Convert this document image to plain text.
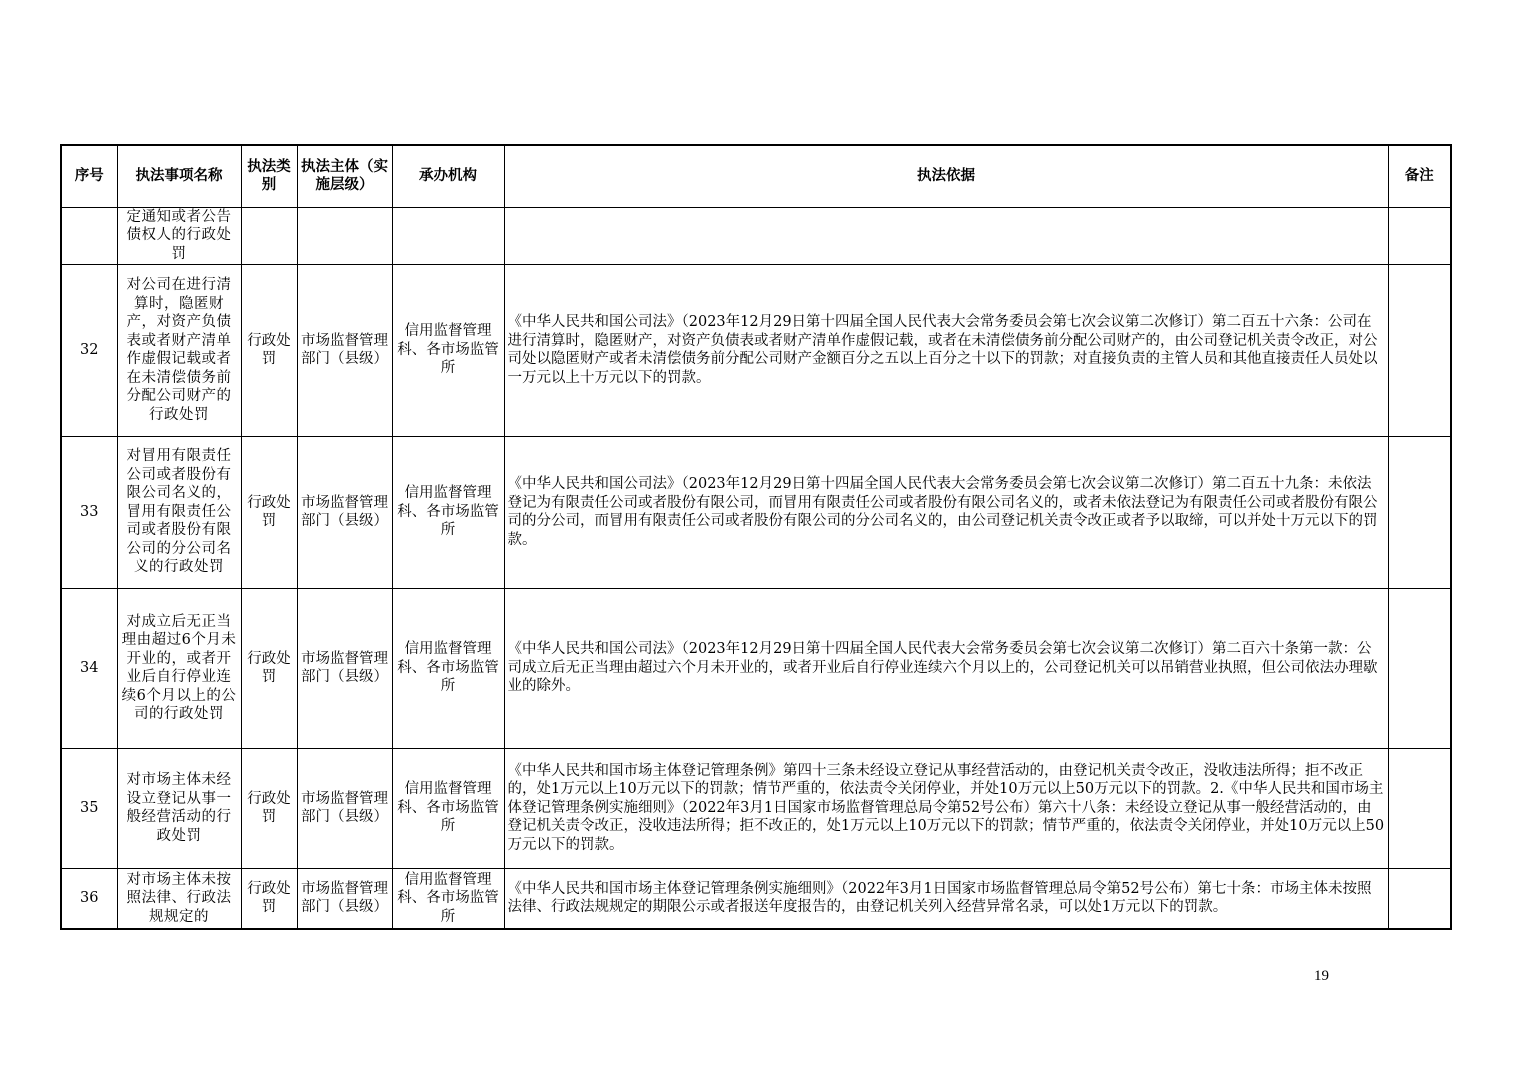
序号	执法事项名称	执法类别	执法主体（实施层级）	承办机构	执法依据	备注
	定通知或者公告债权人的行政处罚					
32	对公司在进行清算时，隐匿财产，对资产负债表或者财产清单作虚假记载或者在未清偿债务前分配公司财产的行政处罚	行政处罚	市场监督管理部门（县级）	信用监督管理科、各市场监管所	《中华人民共和国公司法》（2023年12月29日第十四届全国人民代表大会常务委员会第七次会议第二次修订）第二百五十六条：公司在进行清算时，隐匿财产，对资产负债表或者财产清单作虚假记载，或者在未清偿债务前分配公司财产的，由公司登记机关责令改正，对公司处以隐匿财产或者未清偿债务前分配公司财产金额百分之五以上百分之十以下的罚款；对直接负责的主管人员和其他直接责任人员处以一万元以上十万元以下的罚款。	
33	对冒用有限责任公司或者股份有限公司名义的，冒用有限责任公司或者股份有限公司的分公司名义的行政处罚	行政处罚	市场监督管理部门（县级）	信用监督管理科、各市场监管所	《中华人民共和国公司法》（2023年12月29日第十四届全国人民代表大会常务委员会第七次会议第二次修订）第二百五十九条：未依法登记为有限责任公司或者股份有限公司，而冒用有限责任公司或者股份有限公司名义的，或者未依法登记为有限责任公司或者股份有限公司的分公司，而冒用有限责任公司或者股份有限公司的分公司名义的，由公司登记机关责令改正或者予以取缔，可以并处十万元以下的罚款。	
34	对成立后无正当理由超过6个月未开业的，或者开业后自行停业连续6个月以上的公司的行政处罚	行政处罚	市场监督管理部门（县级）	信用监督管理科、各市场监管所	《中华人民共和国公司法》（2023年12月29日第十四届全国人民代表大会常务委员会第七次会议第二次修订）第二百六十条第一款：公司成立后无正当理由超过六个月未开业的，或者开业后自行停业连续六个月以上的，公司登记机关可以吊销营业执照，但公司依法办理歇业的除外。	
35	对市场主体未经设立登记从事一般经营活动的行政处罚	行政处罚	市场监督管理部门（县级）	信用监督管理科、各市场监管所	《中华人民共和国市场主体登记管理条例》第四十三条未经设立登记从事经营活动的，由登记机关责令改正，没收违法所得；拒不改正的，处1万元以上10万元以下的罚款；情节严重的，依法责令关闭停业，并处10万元以上50万元以下的罚款。2.《中华人民共和国市场主体登记管理条例实施细则》（2022年3月1日国家市场监督管理总局令第52号公布）第六十八条：未经设立登记从事一般经营活动的，由登记机关责令改正，没收违法所得；拒不改正的，处1万元以上10万元以下的罚款；情节严重的，依法责令关闭停业，并处10万元以上50万元以下的罚款。	
36	对市场主体未按照法律、行政法规规定的	行政处罚	市场监督管理部门（县级）	信用监督管理科、各市场监管所	《中华人民共和国市场主体登记管理条例实施细则》（2022年3月1日国家市场监督管理总局令第52号公布）第七十条：市场主体未按照法律、行政法规规定的期限公示或者报送年度报告的，由登记机关列入经营异常名录，可以处1万元以下的罚款。	
19
